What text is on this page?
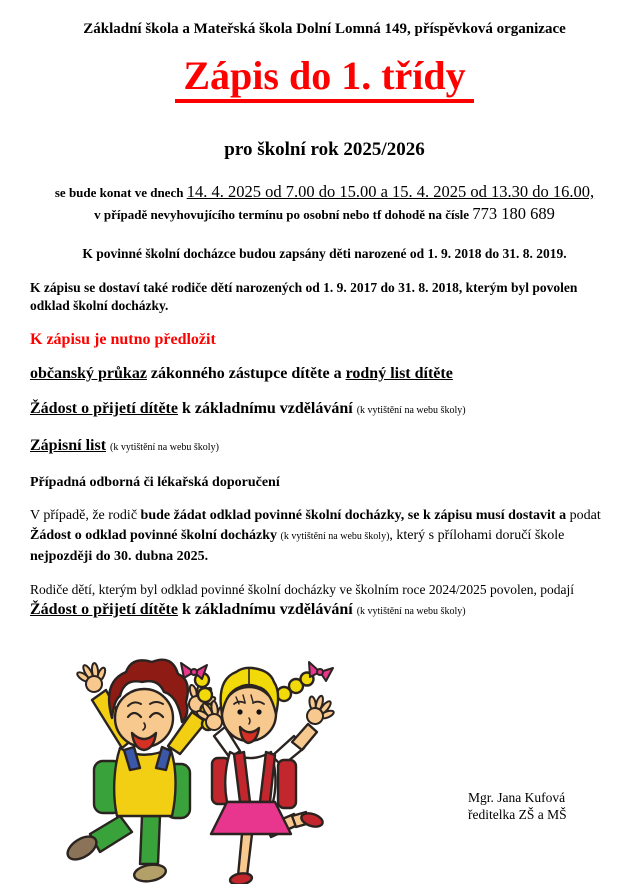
Základní škola a Mateřská škola Dolní Lomná 149, příspěvková organizace

Zápis do 1. třídy

pro školní rok 2025/2026

se bude konat ve dnech 14. 4. 2025 od 7.00 do 15.00 a 15. 4. 2025 od 13.30 do 16.00,
v případě nevyhovujícího termínu po osobní nebo tf dohodě na čísle 773 180 689

K povinné školní docházce budou zapsány děti narozené od 1. 9. 2018 do 31. 8. 2019.

K zápisu se dostaví také rodiče dětí narozených od 1. 9. 2017 do 31. 8. 2018, kterým byl povolen
odklad školní docházky.

K zápisu je nutno předložit

občanský průkaz zákonného zástupce dítěte a rodný list dítěte

Žádost o přijetí dítěte k základnímu vzdělávání (k vytištění na webu školy)

Zápisní list (k vytištění na webu školy)

Případná odborná či lékařská doporučení

V případě, že rodič bude žádat odklad povinné školní docházky, se k zápisu musí dostavit a podat Žádost o odklad povinné školní docházky (k vytištění na webu školy), který s přílohami doručí škole nejpozději do 30. dubna 2025.

Rodiče dětí, kterým byl odklad povinné školní docházky ve školním roce 2024/2025 povolen, podají Žádost o přijetí dítěte k základnímu vzdělávání (k vytištění na webu školy)

Mgr. Jana Kufová
ředitelka ZŠ a MŠ
